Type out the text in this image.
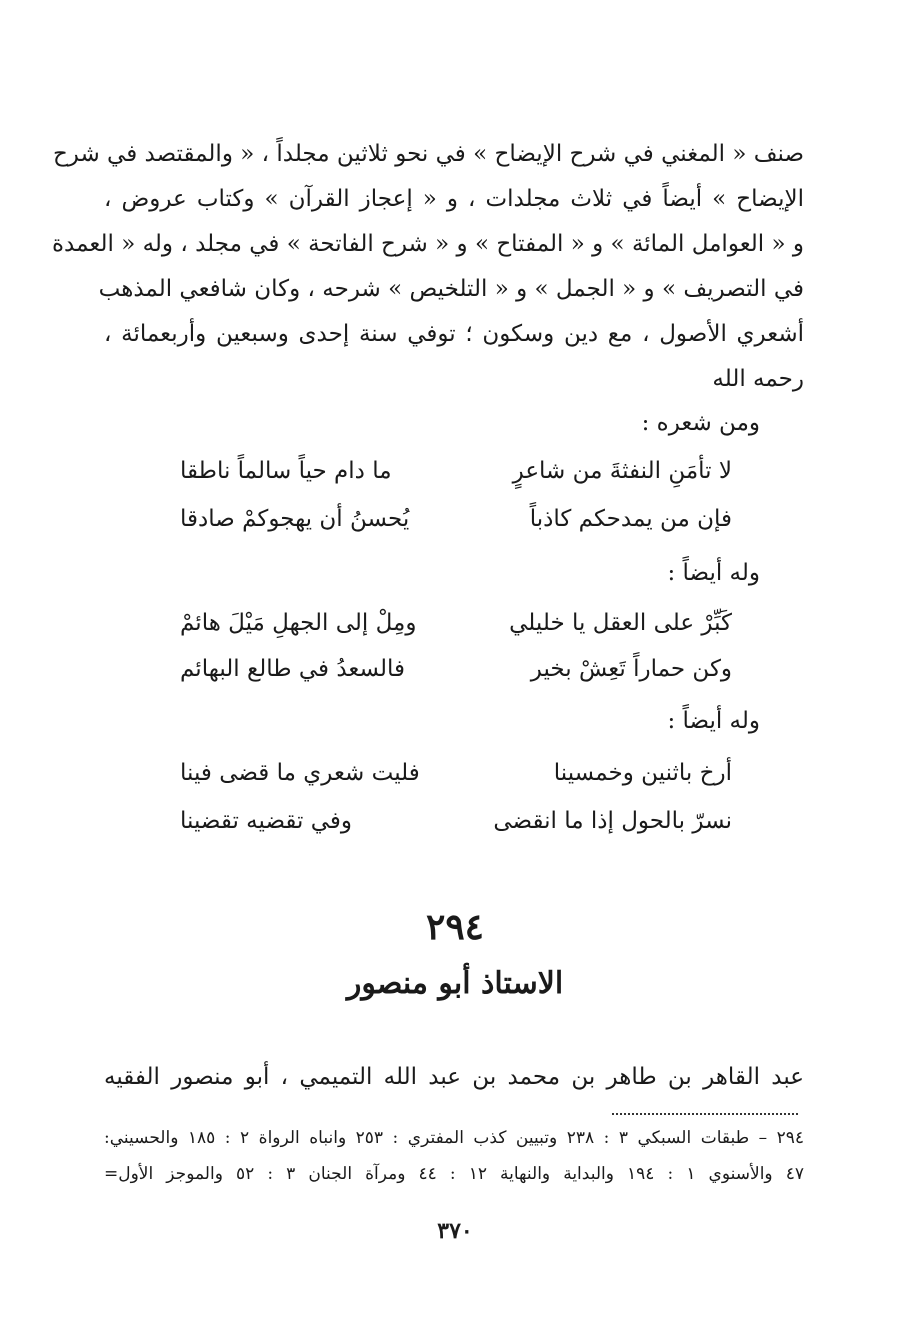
صنف « المغني في شرح الإيضاح » في نحو ثلاثين مجلداً ، « والمقتصد في شرح
الإيضاح » أيضاً في ثلاث مجلدات ، و « إعجاز القرآن » وكتاب عروض ،
و « العوامل المائة » و « المفتاح » و « شرح الفاتحة » في مجلد ، وله « العمدة
في التصريف » و « الجمل » و « التلخيص » شرحه ، وكان شافعي المذهب
أشعري الأصول ، مع دين وسكون ؛ توفي سنة إحدى وسبعين وأربعمائة ،
رحمه الله
ومن شعره :
لا تأمَنِ النفثةَ من شاعرٍ
ما دام حياً سالماً ناطقا
فإن من يمدحكم كاذباً
يُحسنُ أن يهجوكمْ صادقا
وله أيضاً :
كَبِّرْ على العقل يا خليلي
ومِلْ إلى الجهلِ مَيْلَ هائمْ
وكن حماراً تَعِشْ بخير
فالسعدُ في طالع البهائم
وله أيضاً :
أرخ باثنين وخمسينا
فليت شعري ما قضى فينا
نسرّ بالحول إذا ما انقضى
وفي تقضيه تقضينا
٢٩٤
الاستاذ أبو منصور
عبد القاهر بن طاهر بن محمد بن عبد الله التميمي ، أبو منصور الفقيه
٢٩٤ – طبقات السبكي ٣ : ٢٣٨ وتبيين كذب المفتري : ٢٥٣ وانباه الرواة ٢ : ١٨٥ والحسيني:
٤٧ والأسنوي ١ : ١٩٤ والبداية والنهاية ١٢ : ٤٤ ومرآة الجنان ٣ : ٥٢ والموجز الأول=
٣٧٠
